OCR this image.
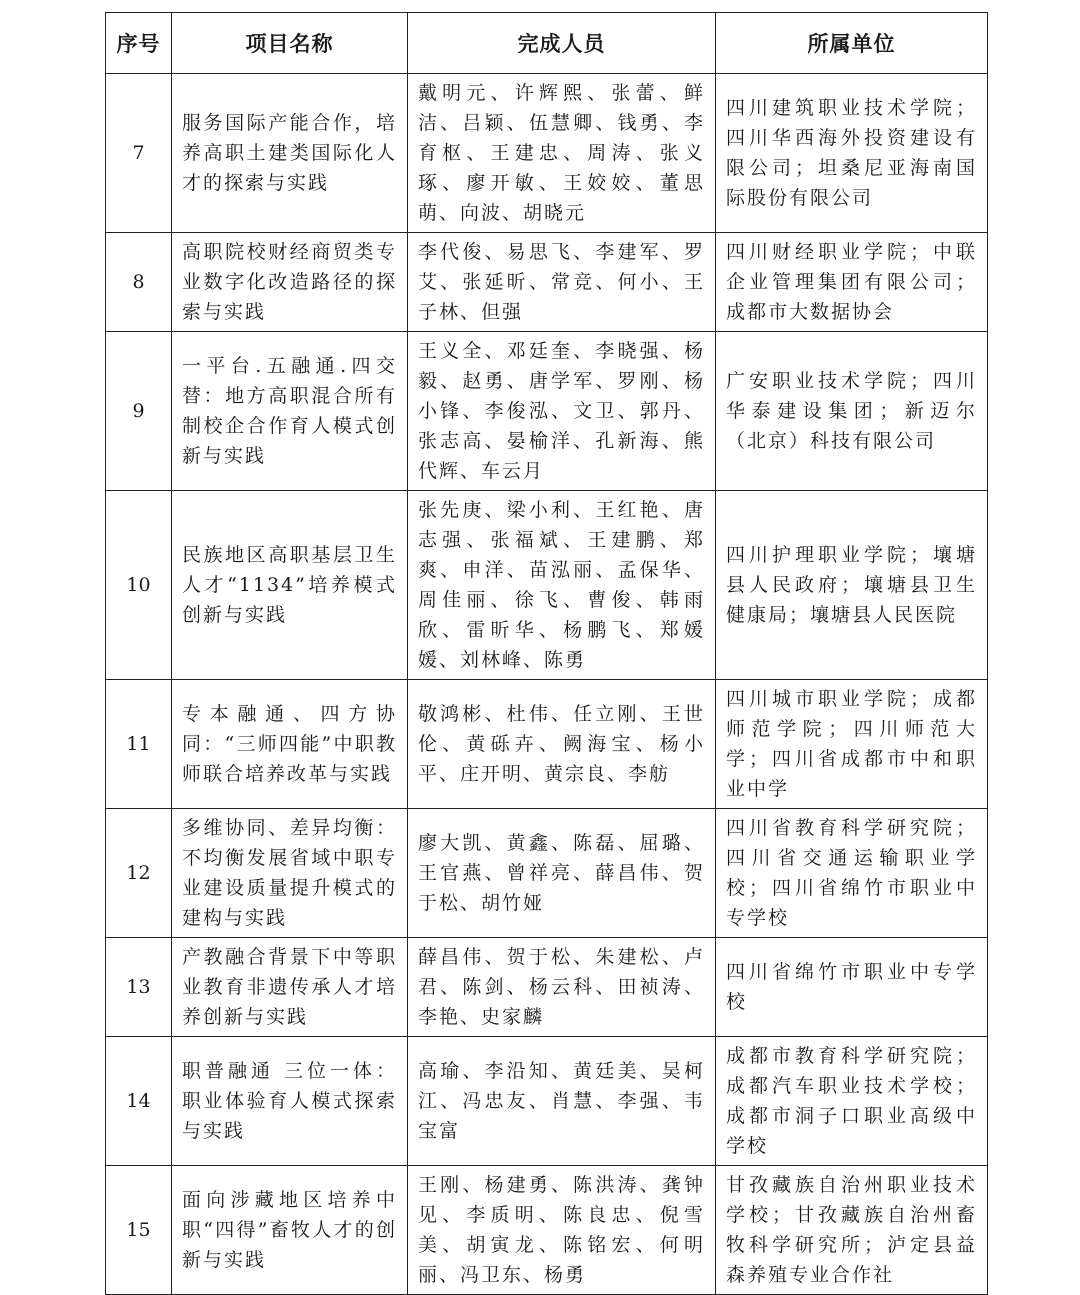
序号	项目名称	完成人员	所属单位
7	服务国际产能合作，培养高职土建类国际化人才的探索与实践	戴明元、许辉熙、张蕾、鲜洁、吕颖、伍慧卿、钱勇、李育枢、王建忠、周涛、张义琢、廖开敏、王姣姣、董思萌、向波、胡晓元	四川建筑职业技术学院；四川华西海外投资建设有限公司；坦桑尼亚海南国际股份有限公司
8	高职院校财经商贸类专业数字化改造路径的探索与实践	李代俊、易思飞、李建军、罗艾、张延昕、常竞、何小、王子林、但强	四川财经职业学院；中联企业管理集团有限公司；成都市大数据协会
9	一平台.五融通.四交替：地方高职混合所有制校企合作育人模式创新与实践	王义全、邓廷奎、李晓强、杨毅、赵勇、唐学军、罗刚、杨小锋、李俊泓、文卫、郭丹、张志高、晏榆洋、孔新海、熊代辉、车云月	广安职业技术学院；四川华泰建设集团；新迈尔（北京）科技有限公司
10	民族地区高职基层卫生人才“1134”培养模式创新与实践	张先庚、梁小利、王红艳、唐志强、张福斌、王建鹏、郑爽、申洋、苗泓丽、孟保华、周佳丽、徐飞、曹俊、韩雨欣、雷昕华、杨鹏飞、郑媛媛、刘林峰、陈勇	四川护理职业学院；壤塘县人民政府；壤塘县卫生健康局；壤塘县人民医院
11	专本融通、四方协同：“三师四能”中职教师联合培养改革与实践	敬鸿彬、杜伟、任立刚、王世伦、黄砾卉、阙海宝、杨小平、庄开明、黄宗良、李舫	四川城市职业学院；成都师范学院；四川师范大学；四川省成都市中和职业中学
12	多维协同、差异均衡：不均衡发展省域中职专业建设质量提升模式的建构与实践	廖大凯、黄鑫、陈磊、屈璐、王官燕、曾祥亮、薛昌伟、贺于松、胡竹娅	四川省教育科学研究院；四川省交通运输职业学校；四川省绵竹市职业中专学校
13	产教融合背景下中等职业教育非遗传承人才培养创新与实践	薛昌伟、贺于松、朱建松、卢君、陈剑、杨云科、田祯涛、李艳、史家麟	四川省绵竹市职业中专学校
14	职普融通 三位一体：职业体验育人模式探索与实践	高瑜、李沿知、黄廷美、吴柯江、冯忠友、肖慧、李强、韦宝富	成都市教育科学研究院；成都汽车职业技术学校；成都市洞子口职业高级中学校
15	面向涉藏地区培养中职“四得”畜牧人才的创新与实践	王刚、杨建勇、陈洪涛、龚钟见、李质明、陈良忠、倪雪美、胡寅龙、陈铭宏、何明丽、冯卫东、杨勇	甘孜藏族自治州职业技术学校；甘孜藏族自治州畜牧科学研究所；泸定县益森养殖专业合作社
